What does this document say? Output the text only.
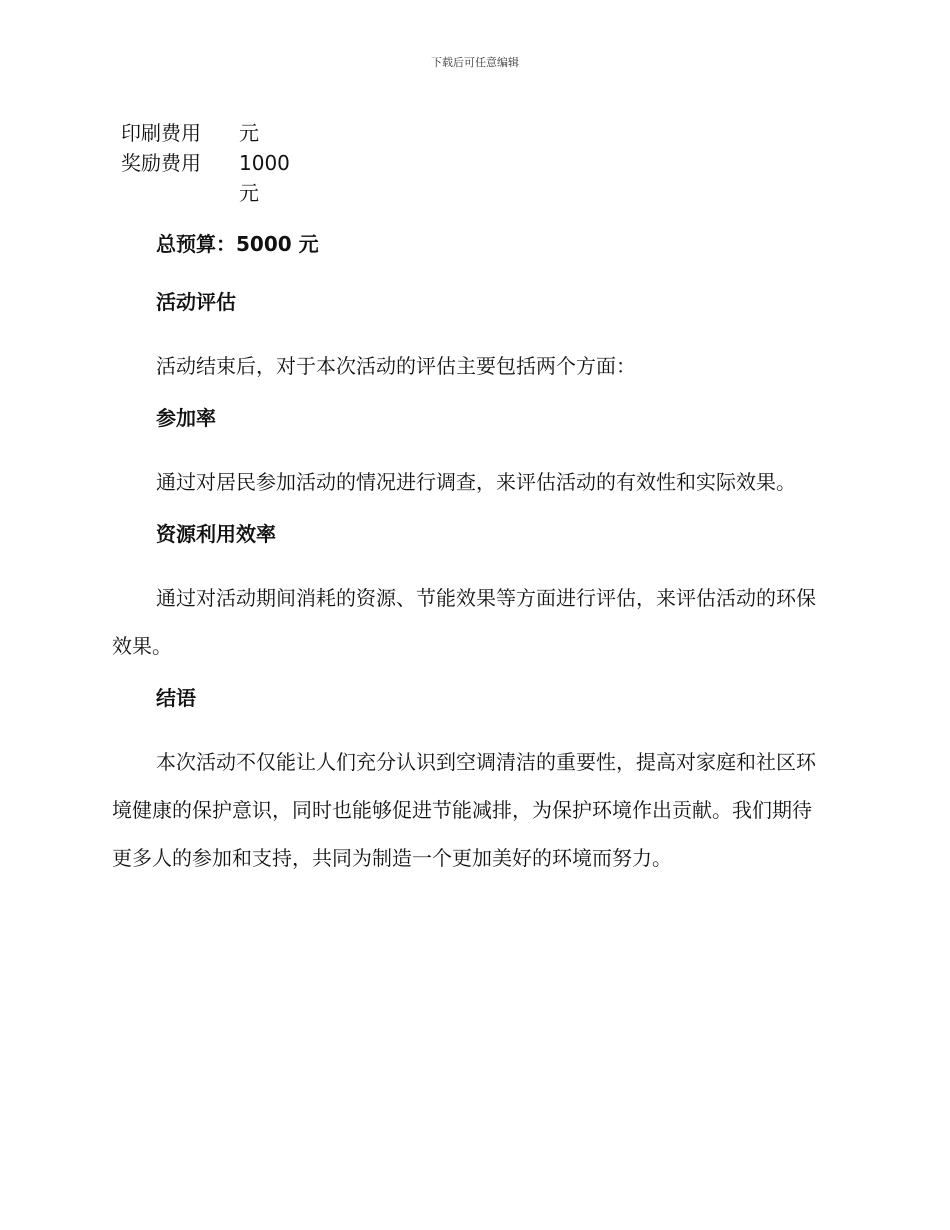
下载后可任意编辑
印刷费用	元

奖励费用	1000
元

总预算：5000 元

活动评估

活动结束后，对于本次活动的评估主要包括两个方面：

参加率

通过对居民参加活动的情况进行调查，来评估活动的有效性和实际效果。

资源利用效率

通过对活动期间消耗的资源、节能效果等方面进行评估，来评估活动的环保效果。

结语

本次活动不仅能让人们充分认识到空调清洁的重要性，提高对家庭和社区环境健康的保护意识，同时也能够促进节能减排，为保护环境作出贡献。我们期待更多人的参加和支持，共同为制造一个更加美好的环境而努力。
